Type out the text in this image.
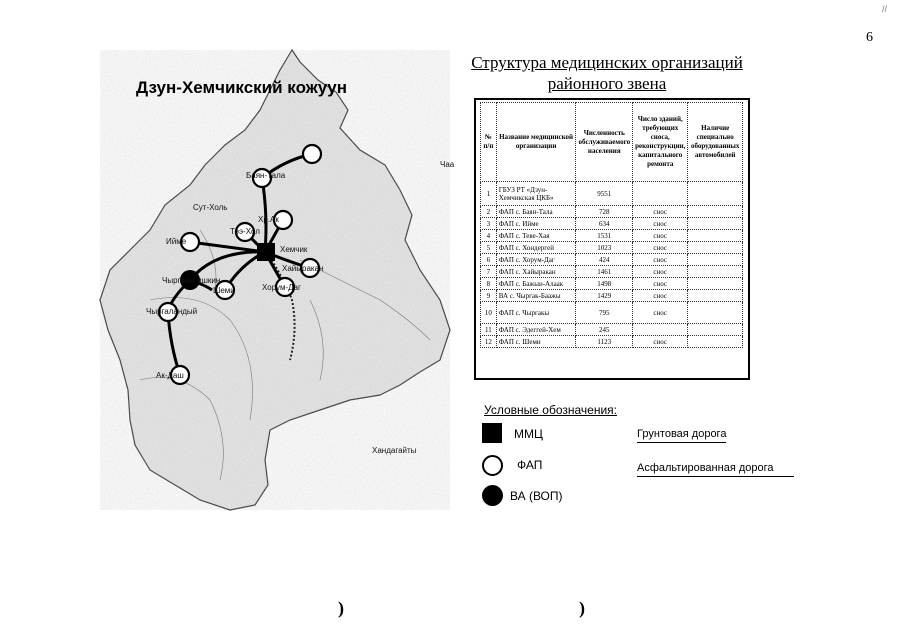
6
//
Дзун-Хемчикский кожуун
Чаа
Сут-Холь
Хандагайты
Баян-Тала
Хр.Ак
Ийме
Тээ-Хол
Хемчик
Хайыракан
ишкин
Чыргакы
Шеми	Хорум-Даг
Чыргаландый
Ак-Даш
Структура медицинских организаций
районного звена
№ п/п	Название медицинской организации	Численность обслуживаемого населения	Число зданий, требующих сноса, реконструкции, капитального ремонта	Наличие специально оборудованных автомобилей
1	ГБУЗ РТ «Дзун-Хемчикская ЦКБ»	9551		
2	ФАП с. Баян-Тала	728	снос	
3	ФАП с. Ийме	634	снос	
4	ФАП с. Теве-Хая	1531	снос	
5	ФАП с. Хондергей	1023	снос	
6	ФАП с. Хорум-Даг	424	снос	
7	ФАП с. Хайыракан	1461	снос	
8	ФАП с. Бажын-Алаак	1498	снос	
9	ВА с. Чыргак-Баажы	1429	снос	
10	ФАП с. Чыргакы	795	снос	
11	ФАП с. Эдеггей-Хем	245		
12	ФАП с. Шеми	1123	снос	
Условные обозначения:
ММЦ
ФАП
ВА (ВОП)
Грунтовая дорога
Асфальтированная дорога
)	)
